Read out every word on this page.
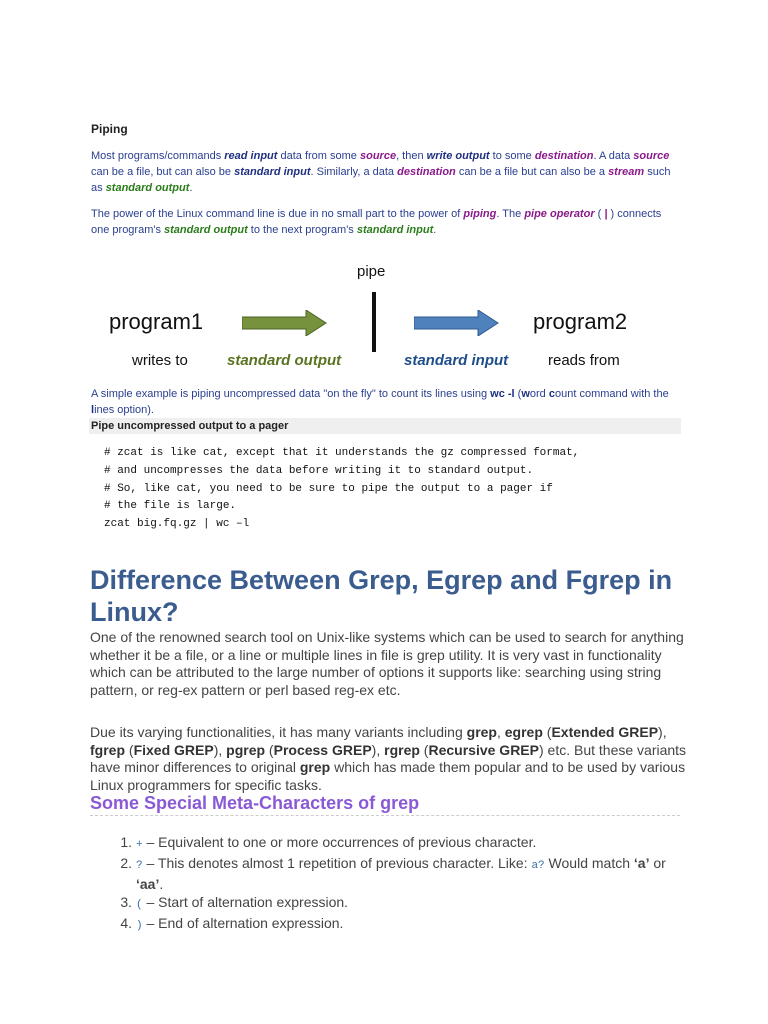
Piping
Most programs/commands read input data from some source, then write output to some destination. A data source can be a file, but can also be standard input. Similarly, a data destination can be a file but can also be a stream such as standard output.
The power of the Linux command line is due in no small part to the power of piping. The pipe operator ( | ) connects one program's standard output to the next program's standard input.
pipe
program1	program2
writes to	standard output	standard input	reads from
A simple example is piping uncompressed data "on the fly" to count its lines using wc -l (word count command with the lines option).
Pipe uncompressed output to a pager
# zcat is like cat, except that it understands the gz compressed format,
# and uncompresses the data before writing it to standard output.
# So, like cat, you need to be sure to pipe the output to a pager if
# the file is large.
zcat big.fq.gz | wc –l
Difference Between Grep, Egrep and Fgrep in Linux?
One of the renowned search tool on Unix-like systems which can be used to search for anything whether it be a file, or a line or multiple lines in file is grep utility. It is very vast in functionality which can be attributed to the large number of options it supports like: searching using string pattern, or reg-ex pattern or perl based reg-ex etc.
Due its varying functionalities, it has many variants including grep, egrep (Extended GREP), fgrep (Fixed GREP), pgrep (Process GREP), rgrep (Recursive GREP) etc. But these variants have minor differences to original grep which has made them popular and to be used by various Linux programmers for specific tasks.
Some Special Meta-Characters of grep
1. + – Equivalent to one or more occurrences of previous character.
2. ? – This denotes almost 1 repetition of previous character. Like: a? Would match ‘a’ or ‘aa’.
3. ( – Start of alternation expression.
4. ) – End of alternation expression.
